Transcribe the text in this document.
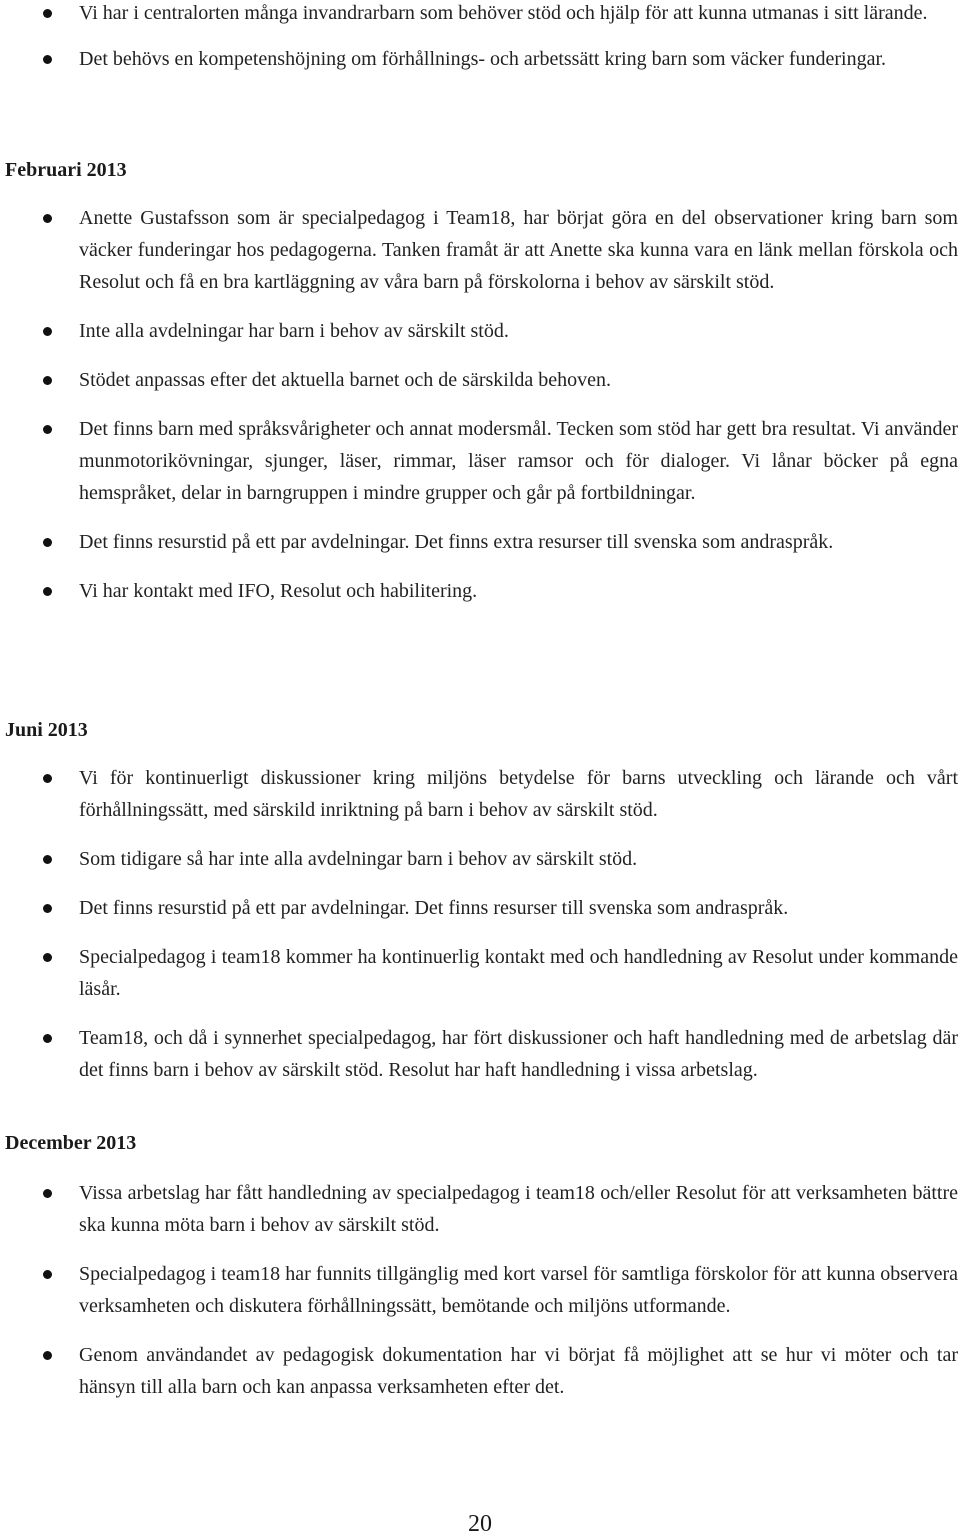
Vi har i centralorten många invandrarbarn som behöver stöd och hjälp för att kunna utmanas i sitt lärande.
Det behövs en kompetenshöjning om förhållnings- och arbetssätt kring barn som väcker funderingar.
Februari 2013
Anette Gustafsson som är specialpedagog i Team18, har börjat göra en del observationer kring barn som väcker funderingar hos pedagogerna. Tanken framåt är att Anette ska kunna vara en länk mellan förskola och Resolut och få en bra kartläggning av våra barn på förskolorna i behov av särskilt stöd.
Inte alla avdelningar har barn i behov av särskilt stöd.
Stödet anpassas efter det aktuella barnet och de särskilda behoven.
Det finns barn med språksvårigheter och annat modersmål. Tecken som stöd har gett bra resultat. Vi använder munmotorikövningar, sjunger, läser, rimmar, läser ramsor och för dialoger. Vi lånar böcker på egna hemspråket, delar in barngruppen i mindre grupper och går på fortbildningar.
Det finns resurstid på ett par avdelningar. Det finns extra resurser till svenska som andraspråk.
Vi har kontakt med IFO, Resolut och habilitering.
Juni 2013
Vi för kontinuerligt diskussioner kring miljöns betydelse för barns utveckling och lärande och vårt förhållningssätt, med särskild inriktning på barn i behov av särskilt stöd.
Som tidigare så har inte alla avdelningar barn i behov av särskilt stöd.
Det finns resurstid på ett par avdelningar. Det finns resurser till svenska som andraspråk.
Specialpedagog i team18 kommer ha kontinuerlig kontakt med och handledning av Resolut under kommande läsår.
Team18, och då i synnerhet specialpedagog, har fört diskussioner och haft handledning med de arbetslag där det finns barn i behov av särskilt stöd. Resolut har haft handledning i vissa arbetslag.
December 2013
Vissa arbetslag har fått handledning av specialpedagog i team18 och/eller Resolut för att verksamheten bättre ska kunna möta barn i behov av särskilt stöd.
Specialpedagog i team18 har funnits tillgänglig med kort varsel för samtliga förskolor för att kunna observera verksamheten och diskutera förhållningssätt, bemötande och miljöns utformande.
Genom användandet av pedagogisk dokumentation har vi börjat få möjlighet att se hur vi möter och tar hänsyn till alla barn och kan anpassa verksamheten efter det.
20
